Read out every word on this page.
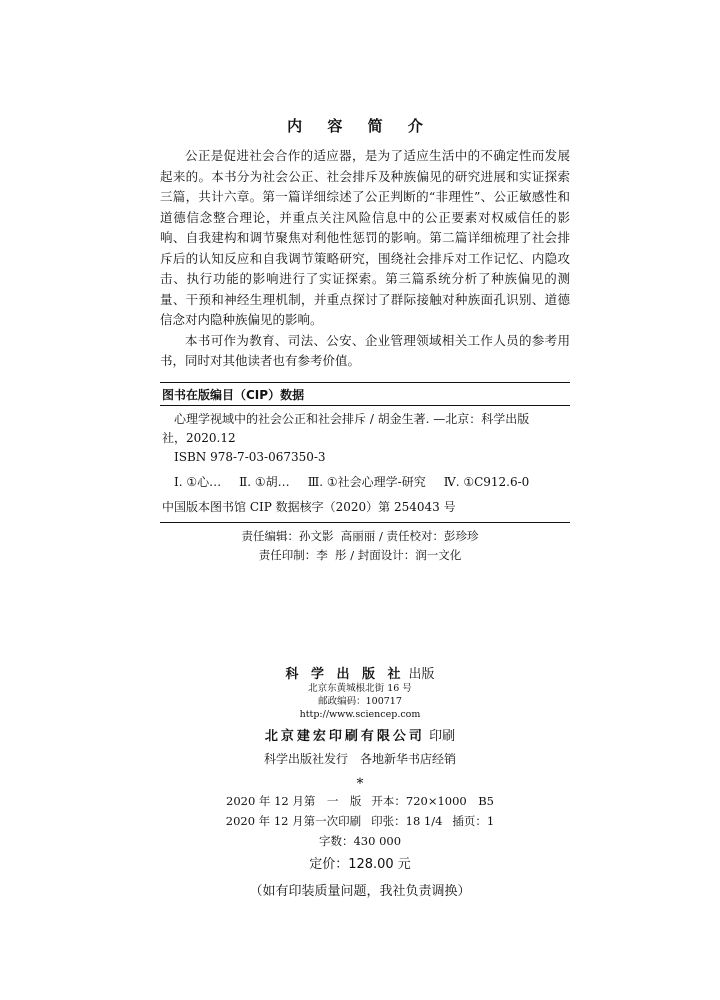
内 容 简 介

公正是促进社会合作的适应器，是为了适应生活中的不确定性而发展起来的。本书分为社会公正、社会排斥及种族偏见的研究进展和实证探索三篇，共计六章。第一篇详细综述了公正判断的“非理性”、公正敏感性和道德信念整合理论，并重点关注风险信息中的公正要素对权威信任的影响、自我建构和调节聚焦对利他性惩罚的影响。第二篇详细梳理了社会排斥后的认知反应和自我调节策略研究，围绕社会排斥对工作记忆、内隐攻击、执行功能的影响进行了实证探索。第三篇系统分析了种族偏见的测量、干预和神经生理机制，并重点探讨了群际接触对种族面孔识别、道德信念对内隐种族偏见的影响。

本书可作为教育、司法、公安、企业管理领域相关工作人员的参考用书，同时对其他读者也有参考价值。

图书在版编目（CIP）数据
心理学视域中的社会公正和社会排斥 / 胡金生著. —北京：科学出版
社，2020.12
ISBN 978-7-03-067350-3
Ⅰ. ①心… Ⅱ. ①胡… Ⅲ. ①社会心理学-研究 Ⅳ. ①C912.6-0
中国版本图书馆 CIP 数据核字（2020）第 254043 号
责任编辑：孙文影  高丽丽 / 责任校对：彭珍珍
责任印制：李  彤 / 封面设计：润一文化
科 学 出 版 社 出版
北京东黄城根北街 16 号
邮政编码：100717
http://www.sciencep.com
北京建宏印刷有限公司 印刷
科学出版社发行 各地新华书店经销
*
2020 年 12 月第　一　版 开本：720×1000　B5
2020 年 12 月第一次印刷 印张：18 1/4 插页：1
字数：430 000
定价：128.00 元
（如有印装质量问题，我社负责调换）
